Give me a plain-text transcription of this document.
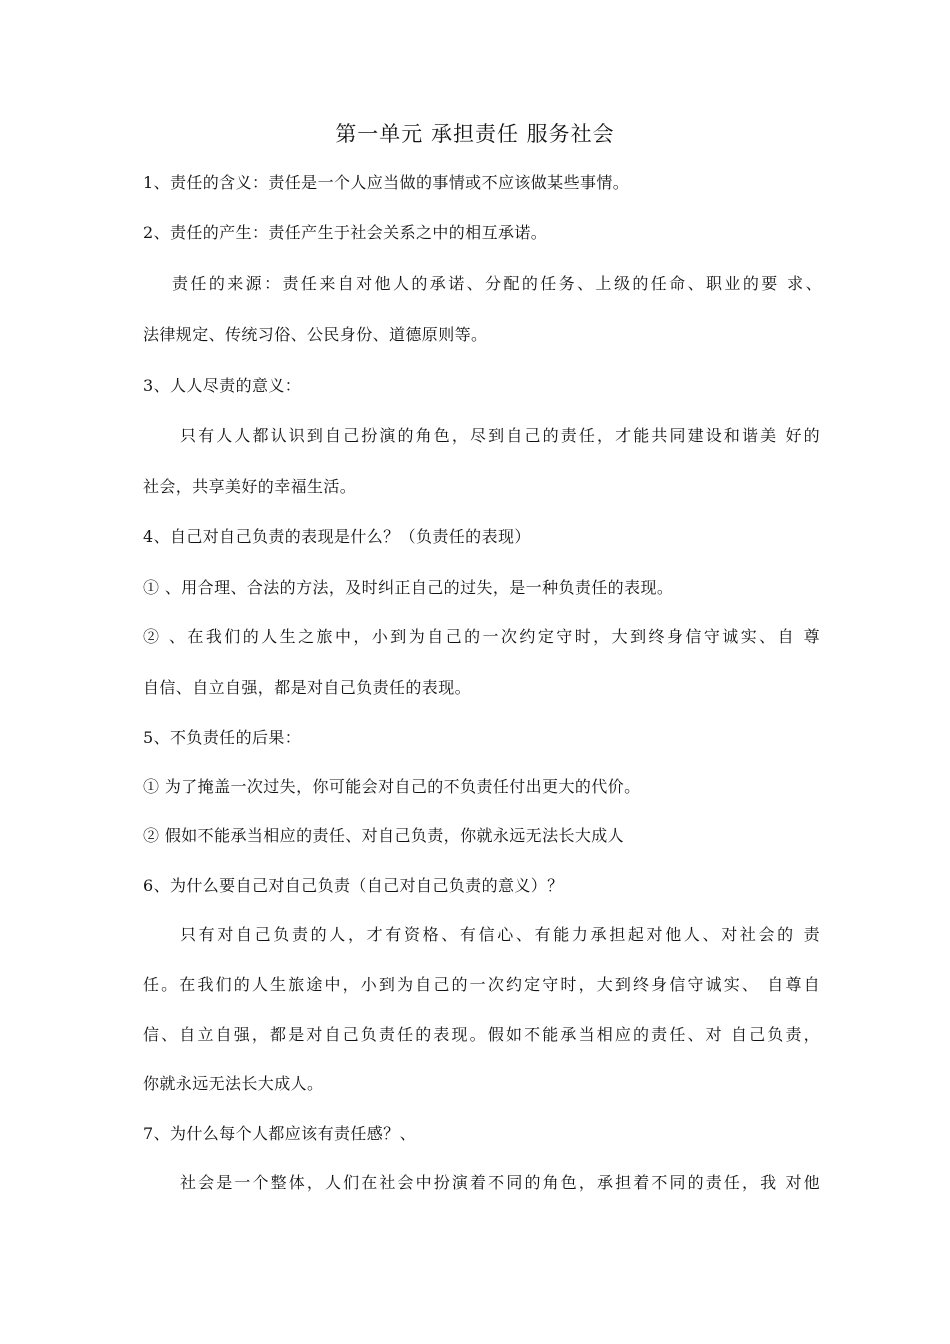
第一单元 承担责任 服务社会
1、责任的含义：责任是一个人应当做的事情或不应该做某些事情。
2、责任的产生：责任产生于社会关系之中的相互承诺。
责任的来源：责任来自对他人的承诺、分配的任务、上级的任命、职业的要 求、
法律规定、传统习俗、公民身份、道德原则等。
3、人人尽责的意义：
只有人人都认识到自己扮演的角色，尽到自己的责任，才能共同建设和谐美 好的
社会，共享美好的幸福生活。
4、自己对自己负责的表现是什么？（负责任的表现）
① 、用合理、合法的方法，及时纠正自己的过失，是一种负责任的表现。
② 、在我们的人生之旅中，小到为自己的一次约定守时，大到终身信守诚实、自 尊
自信、自立自强，都是对自己负责任的表现。
5、不负责任的后果：
① 为了掩盖一次过失，你可能会对自己的不负责任付出更大的代价。
② 假如不能承当相应的责任、对自己负责，你就永远无法长大成人
6、为什么要自己对自己负责（自己对自己负责的意义）？
只有对自己负责的人，才有资格、有信心、有能力承担起对他人、对社会的 责
任。在我们的人生旅途中，小到为自己的一次约定守时，大到终身信守诚实、 自尊自
信、自立自强，都是对自己负责任的表现。假如不能承当相应的责任、对 自己负责，
你就永远无法长大成人。
7、为什么每个人都应该有责任感？、
社会是一个整体，人们在社会中扮演着不同的角色，承担着不同的责任，我 对他
